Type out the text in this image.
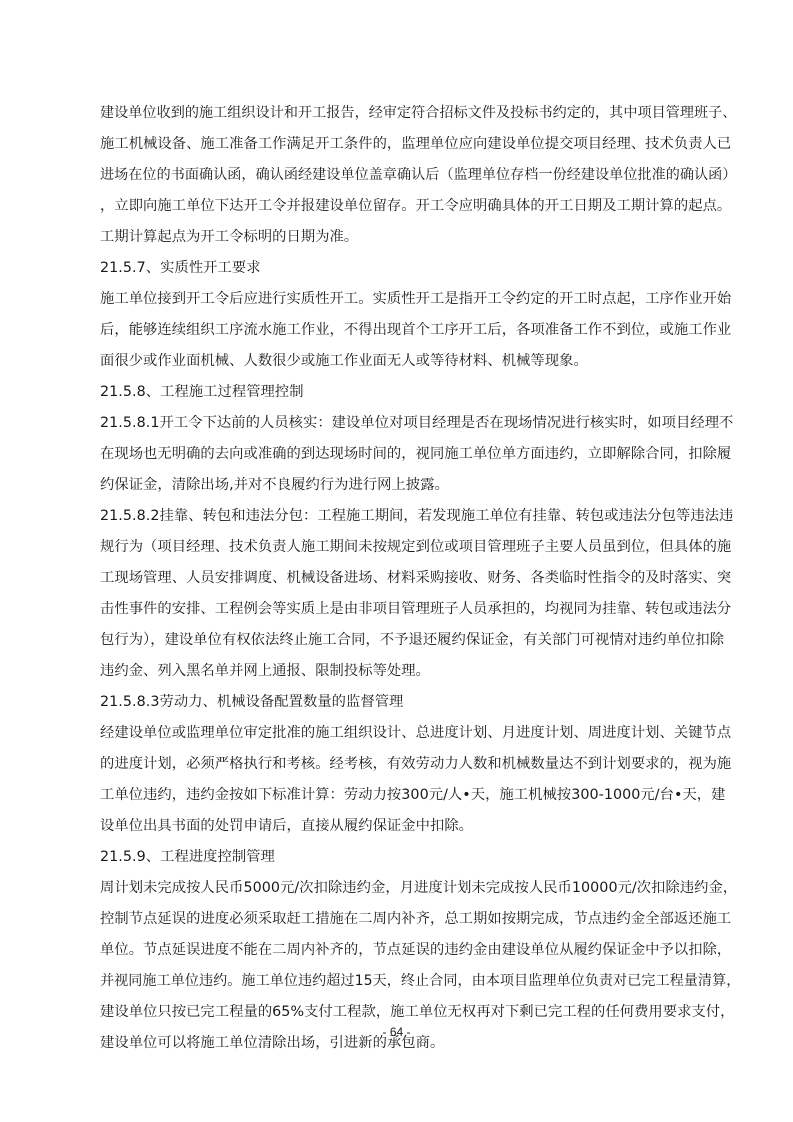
建设单位收到的施工组织设计和开工报告，经审定符合招标文件及投标书约定的，其中项目管理班子、
施工机械设备、施工准备工作满足开工条件的，监理单位应向建设单位提交项目经理、技术负责人已
进场在位的书面确认函，确认函经建设单位盖章确认后（监理单位存档一份经建设单位批准的确认函）
，立即向施工单位下达开工令并报建设单位留存。开工令应明确具体的开工日期及工期计算的起点。
工期计算起点为开工令标明的日期为准。
21.5.7、实质性开工要求
施工单位接到开工令后应进行实质性开工。实质性开工是指开工令约定的开工时点起，工序作业开始
后，能够连续组织工序流水施工作业，不得出现首个工序开工后，各项准备工作不到位，或施工作业
面很少或作业面机械、人数很少或施工作业面无人或等待材料、机械等现象。
21.5.8、工程施工过程管理控制
21.5.8.1开工令下达前的人员核实：建设单位对项目经理是否在现场情况进行核实时，如项目经理不
在现场也无明确的去向或准确的到达现场时间的，视同施工单位单方面违约，立即解除合同，扣除履
约保证金，清除出场,并对不良履约行为进行网上披露。
21.5.8.2挂靠、转包和违法分包：工程施工期间，若发现施工单位有挂靠、转包或违法分包等违法违
规行为（项目经理、技术负责人施工期间未按规定到位或项目管理班子主要人员虽到位，但具体的施
工现场管理、人员安排调度、机械设备进场、材料采购接收、财务、各类临时性指令的及时落实、突
击性事件的安排、工程例会等实质上是由非项目管理班子人员承担的，均视同为挂靠、转包或违法分
包行为），建设单位有权依法终止施工合同，不予退还履约保证金，有关部门可视情对违约单位扣除
违约金、列入黑名单并网上通报、限制投标等处理。
21.5.8.3劳动力、机械设备配置数量的监督管理
经建设单位或监理单位审定批准的施工组织设计、总进度计划、月进度计划、周进度计划、关键节点
的进度计划，必须严格执行和考核。经考核，有效劳动力人数和机械数量达不到计划要求的，视为施
工单位违约，违约金按如下标准计算：劳动力按300元/人•天，施工机械按300-1000元/台•天，建
设单位出具书面的处罚申请后，直接从履约保证金中扣除。
21.5.9、工程进度控制管理
周计划未完成按人民币5000元/次扣除违约金，月进度计划未完成按人民币10000元/次扣除违约金，
控制节点延误的进度必须采取赶工措施在二周内补齐，总工期如按期完成，节点违约金全部返还施工
单位。节点延误进度不能在二周内补齐的，节点延误的违约金由建设单位从履约保证金中予以扣除，
并视同施工单位违约。施工单位违约超过15天，终止合同，由本项目监理单位负责对已完工程量清算，
建设单位只按已完工程量的65%支付工程款，施工单位无权再对下剩已完工程的任何费用要求支付，
建设单位可以将施工单位清除出场，引进新的承包商。
- 64 -
